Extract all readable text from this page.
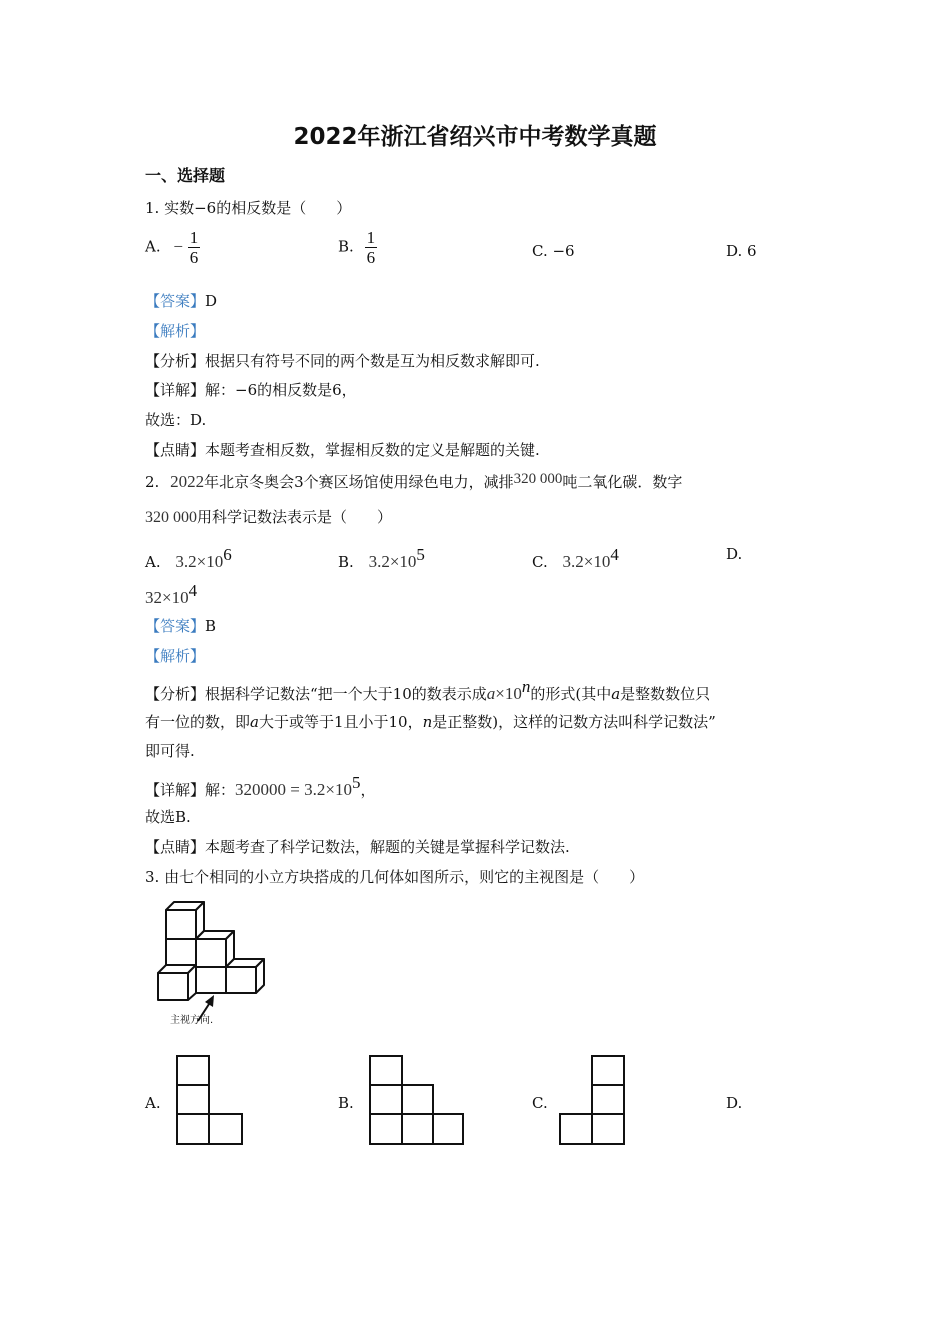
2022年浙江省绍兴市中考数学真题
一、选择题
1. 实数−6的相反数是（　　）
A. − $\frac{1}{6}$	B. $\frac{1}{6}$	C. −6	D. 6
【答案】D
【解析】
【分析】根据只有符号不同的两个数是互为相反数求解即可.
【详解】解：−6的相反数是6，
故选：D.
【点睛】本题考查相反数，掌握相反数的定义是解题的关键.
2. 2022年北京冬奥会3个赛区场馆使用绿色电力，减排320 000吨二氧化碳．数字
320 000用科学记数法表示是（　　）
A. $3.2\times 10^6$	B. $3.2\times 10^5$	C. $3.2\times 10^4$	D.
$32\times 10^4$
【答案】B
【解析】
【分析】根据科学记数法“把一个大于10的数表示成$a\times 10^n$的形式(其中a是整数数位只
有一位的数，即a大于或等于1且小于10，n是正整数)，这样的记数方法叫科学记数法”
即可得.
【详解】解：$320000 = 3.2\times 10^5$，
故选B.
【点睛】本题考查了科学记数法，解题的关键是掌握科学记数法.
3. 由七个相同的小立方块搭成的几何体如图所示，则它的主视图是（　　）
主视方向.
A.	B.	C.	D.
